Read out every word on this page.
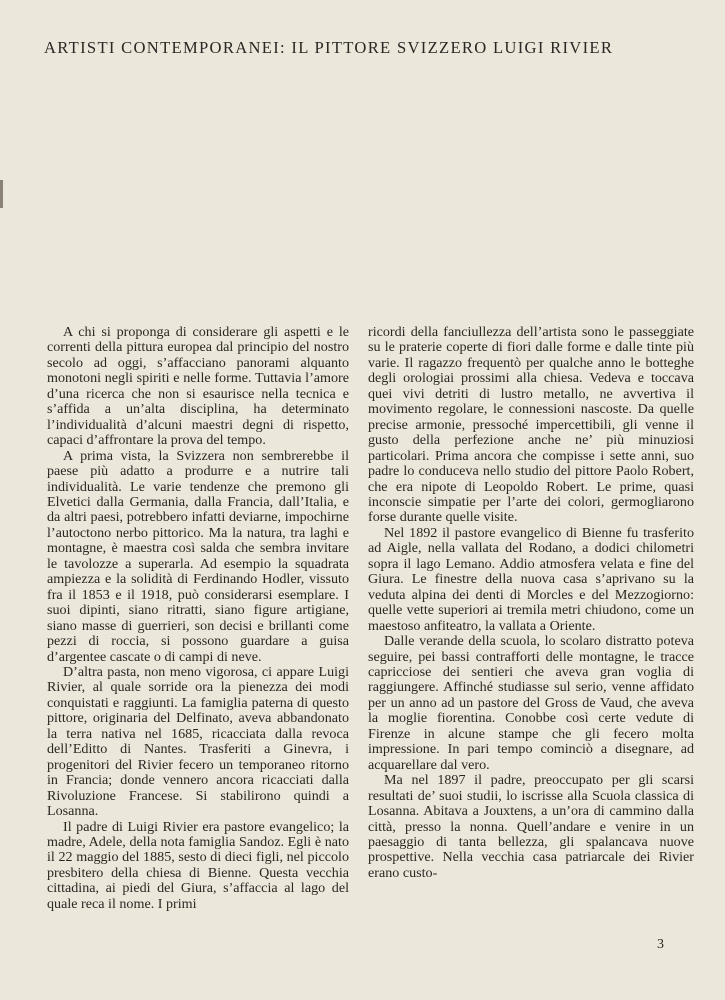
ARTISTI CONTEMPORANEI: IL PITTORE SVIZZERO LUIGI RIVIER

A chi si proponga di considerare gli aspetti e le correnti della pittura europea dal principio del nostro secolo ad oggi, s’affacciano panorami alquanto monotoni negli spiriti e nelle forme. Tuttavia l’amore d’una ricerca che non si esaurisce nella tecnica e s’affida a un’alta disciplina, ha determinato l’individualità d’alcuni maestri degni di rispetto, capaci d’affrontare la prova del tempo.

A prima vista, la Svizzera non sembrerebbe il paese più adatto a produrre e a nutrire tali individualità. Le varie tendenze che premono gli Elvetici dalla Germania, dalla Francia, dall’Italia, e da altri paesi, potrebbero infatti deviarne, impochirne l’autoctono nerbo pittorico. Ma la natura, tra laghi e montagne, è maestra così salda che sembra invitare le tavolozze a superarla. Ad esempio la squadrata ampiezza e la solidità di Ferdinando Hodler, vissuto fra il 1853 e il 1918, può considerarsi esemplare. I suoi dipinti, siano ritratti, siano figure artigiane, siano masse di guerrieri, son decisi e brillanti come pezzi di roccia, si possono guardare a guisa d’argentee cascate o di campi di neve.

D’altra pasta, non meno vigorosa, ci appare Luigi Rivier, al quale sorride ora la pienezza dei modi conquistati e raggiunti. La famiglia paterna di questo pittore, originaria del Delfinato, aveva abbandonato la terra nativa nel 1685, ricacciata dalla revoca dell’Editto di Nantes. Trasferiti a Ginevra, i progenitori del Rivier fecero un temporaneo ritorno in Francia; donde vennero ancora ricacciati dalla Rivoluzione Francese. Si stabilirono quindi a Losanna.

Il padre di Luigi Rivier era pastore evangelico; la madre, Adele, della nota famiglia Sandoz. Egli è nato il 22 maggio del 1885, sesto di dieci figli, nel piccolo presbitero della chiesa di Bienne. Questa vecchia cittadina, ai piedi del Giura, s’affaccia al lago del quale reca il nome. I primi

ricordi della fanciullezza dell’artista sono le passeggiate su le praterie coperte di fiori dalle forme e dalle tinte più varie. Il ragazzo frequentò per qualche anno le botteghe degli orologiai prossimi alla chiesa. Vedeva e toccava quei vivi detriti di lustro metallo, ne avvertiva il movimento regolare, le connessioni nascoste. Da quelle precise armonie, pressoché impercettibili, gli venne il gusto della perfezione anche ne’ più minuziosi particolari. Prima ancora che compisse i sette anni, suo padre lo conduceva nello studio del pittore Paolo Robert, che era nipote di Leopoldo Robert. Le prime, quasi inconscie simpatie per l’arte dei colori, germogliarono forse durante quelle visite.

Nel 1892 il pastore evangelico di Bienne fu trasferito ad Aigle, nella vallata del Rodano, a dodici chilometri sopra il lago Lemano. Addio atmosfera velata e fine del Giura. Le finestre della nuova casa s’aprivano su la veduta alpina dei denti di Morcles e del Mezzogiorno: quelle vette superiori ai tremila metri chiudono, come un maestoso anfiteatro, la vallata a Oriente.

Dalle verande della scuola, lo scolaro distratto poteva seguire, pei bassi contrafforti delle montagne, le tracce capricciose dei sentieri che aveva gran voglia di raggiungere. Affinché studiasse sul serio, venne affidato per un anno ad un pastore del Gross de Vaud, che aveva la moglie fiorentina. Conobbe così certe vedute di Firenze in alcune stampe che gli fecero molta impressione. In pari tempo cominciò a disegnare, ad acquarellare dal vero.

Ma nel 1897 il padre, preoccupato per gli scarsi resultati de’ suoi studii, lo iscrisse alla Scuola classica di Losanna. Abitava a Jouxtens, a un’ora di cammino dalla città, presso la nonna. Quell’andare e venire in un paesaggio di tanta bellezza, gli spalancava nuove prospettive. Nella vecchia casa patriarcale dei Rivier erano custo-

3
